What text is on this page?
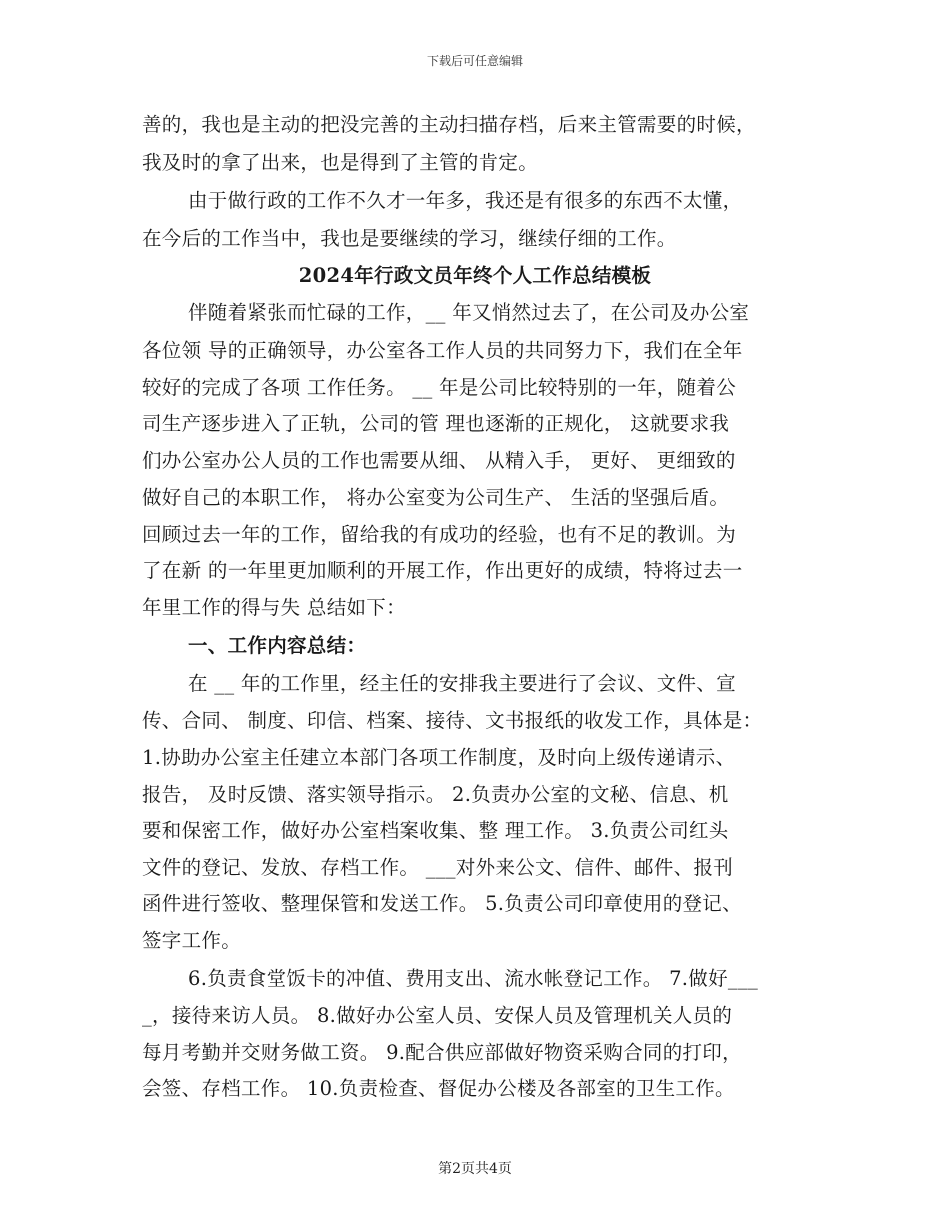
下载后可任意编辑
善的，我也是主动的把没完善的主动扫描存档，后来主管需要的时候，
我及时的拿了出来，也是得到了主管的肯定。
由于做行政的工作不久才一年多，我还是有很多的东西不太懂，
在今后的工作当中，我也是要继续的学习，继续仔细的工作。
2024年行政文员年终个人工作总结模板
伴随着紧张而忙碌的工作，__ 年又悄然过去了，在公司及办公室
各位领 导的正确领导，办公室各工作人员的共同努力下，我们在全年
较好的完成了各项 工作任务。 __ 年是公司比较特别的一年，随着公
司生产逐步进入了正轨，公司的管 理也逐渐的正规化， 这就要求我
们办公室办公人员的工作也需要从细、 从精入手， 更好、 更细致的
做好自己的本职工作， 将办公室变为公司生产、 生活的坚强后盾。
回顾过去一年的工作，留给我的有成功的经验，也有不足的教训。为
了在新 的一年里更加顺利的开展工作，作出更好的成绩，特将过去一
年里工作的得与失 总结如下：
一、工作内容总结：
在 __ 年的工作里，经主任的安排我主要进行了会议、文件、宣
传、合同、 制度、印信、档案、接待、文书报纸的收发工作，具体是：
1.协助办公室主任建立本部门各项工作制度，及时向上级传递请示、
报告， 及时反馈、落实领导指示。 2.负责办公室的文秘、信息、机
要和保密工作，做好办公室档案收集、整 理工作。 3.负责公司红头
文件的登记、发放、存档工作。 ___对外来公文、信件、邮件、报刊
函件进行签收、整理保管和发送工作。 5.负责公司印章使用的登记、
签字工作。
6.负责食堂饭卡的冲值、费用支出、流水帐登记工作。 7.做好___
_，接待来访人员。 8.做好办公室人员、安保人员及管理机关人员的
每月考勤并交财务做工资。 9.配合供应部做好物资采购合同的打印，
会签、存档工作。 10.负责检查、督促办公楼及各部室的卫生工作。
第2页共4页
